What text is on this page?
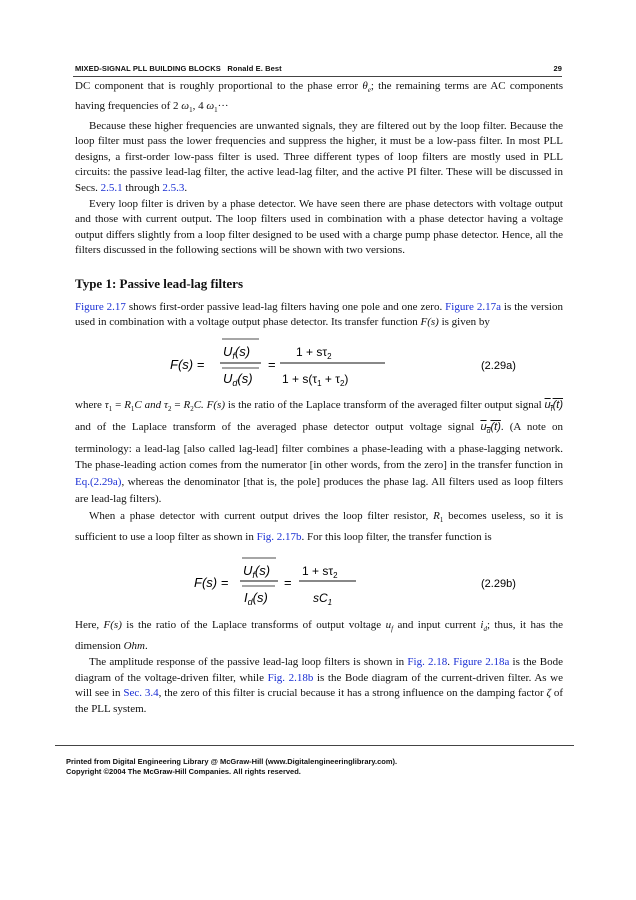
MIXED-SIGNAL PLL BUILDING BLOCKS Ronald E. Best	29

DC component that is roughly proportional to the phase error $\theta_e$; the remaining terms are AC components having frequencies of 2 $\omega_1$, 4 $\omega_1\cdot\cdot\cdot$

Because these higher frequencies are unwanted signals, they are filtered out by the loop filter. Because the loop filter must pass the lower frequencies and suppress the higher, it must be a low-pass filter. In most PLL designs, a first-order low-pass filter is used. Three different types of loop filters are mostly used in PLL circuits: the passive lead-lag filter, the active lead-lag filter, and the active PI filter. These will be discussed in Secs. 2.5.1 through 2.5.3.

Every loop filter is driven by a phase detector. We have seen there are phase detectors with voltage output and those with current output. The loop filters used in combination with a phase detector having a voltage output differs slightly from a loop filter designed to be used with a charge pump phase detector. Hence, all the filters discussed in the following sections will be shown with two versions.

Type 1: Passive lead-lag filters

Figure 2.17 shows first-order passive lead-lag filters having one pole and one zero. Figure 2.17a is the version used in combination with a voltage output phase detector. Its transfer function F(s) is given by

F(s) =
$U_f(s)$
$U_d(s)$
=
$1 + s\tau_2$
$1 + s(\tau_1 + \tau_2)$
(2.29a)

where $\tau_1 = R_1C$ and $\tau_2 = R_2C$. F(s) is the ratio of the Laplace transform of the averaged filter output signal $u_f(t)$ and of the Laplace transform of the averaged phase detector output voltage signal $u_d(t)$. (A note on terminology: a lead-lag [also called lag-lead] filter combines a phase-leading with a phase-lagging network. The phase-leading action comes from the numerator [in other words, from the zero] in the transfer function in Eq.(2.29a), whereas the denominator [that is, the pole] produces the phase lag. All filters used as loop filters are lead-lag filters).

When a phase detector with current output drives the loop filter resistor, $R_1$ becomes useless, so it is sufficient to use a loop filter as shown in Fig. 2.17b. For this loop filter, the transfer function is

F(s) =
$U_f(s)$
$I_d(s)$
=
$1 + s\tau_2$
$sC_1$
(2.29b)

Here, F(s) is the ratio of the Laplace transforms of output voltage $u_f$ and input current $i_d$; thus, it has the dimension Ohm.

The amplitude response of the passive lead-lag loop filters is shown in Fig. 2.18. Figure 2.18a is the Bode diagram of the voltage-driven filter, while Fig. 2.18b is the Bode diagram of the current-driven filter. As we will see in Sec. 3.4, the zero of this filter is crucial because it has a strong influence on the damping factor ζ of the PLL system.

Printed from Digital Engineering Library @ McGraw-Hill (www.Digitalengineeringlibrary.com).
Copyright ©2004 The McGraw-Hill Companies. All rights reserved.
